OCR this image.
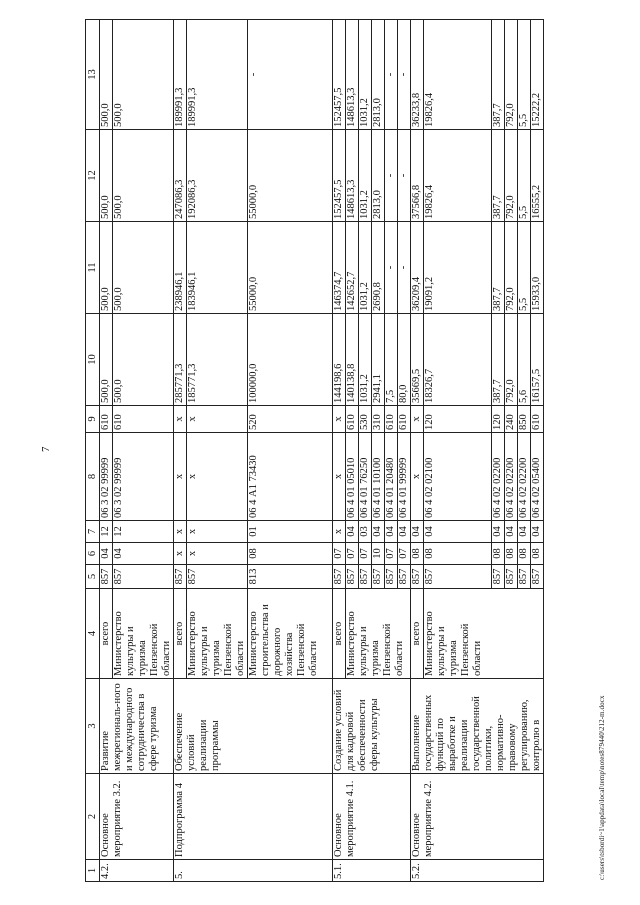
7
1	2	3	4	5	6	7	8	9	10	11	12	13
4.2.	Основное мероприятие 3.2.	Развитие межрегиональ-ного и международного сотрудничества в сфере туризма	всего	857	04	12	06 3 02 99999	610	500,0	500,0	500,0	500,0
			Министерство культуры и туризма Пензенской области	857	04	12	06 3 02 99999	610	500,0	500,0	500,0	500,0
5.	Подпрограмма 4	Обеспечение условий реализации программы	всего	857	х	х	х	х	285771,3	238946,1	247086,3	189991,3
			Министерство культуры и туризма Пензенской области	857	х	х	х	х	185771,3	183946,1	192086,3	189991,3
			Министерство строительства и дорожного хозяйства Пензенской области	813	08	01	06 4 А1 73430	520	100000,0	55000,0	55000,0	-
5.1.	Основное мероприятие 4.1.	Создание условий для кадровой обеспеченности сферы культуры	всего	857	07	х	х	х	144198,6	146374,7	152457,5	152457,5
			Министерство культуры и туризма Пензенской области	857	07	04	06 4 01 05010	610	140138,8	142652,7	148613,3	148613,3
				857	07	03	06 4 01 76250	530	1031,2	1031,2	1031,2	1031,2
				857	10	04	06 4 01 10100	310	2941,1	2690,8	2813,0	2813,0
				857	07	04	06 4 01 20480	610	7,5	-	-	-
				857	07	04	06 4 01 99999	610	80,0	-	-	-
5.2.	Основное мероприятие 4.2.	Выполнение государственных функций по выработке и реализации государственной политики, нормативно-правовому регулированию, контролю в	всего	857	08	04	х	х	35669,5	36209,4	37566,8	36233,8
			Министерство культуры и туризма Пензенской области	857	08	04	06 4 02 02100	120	18326,7	19091,2	19826,4	19826,4
				857	08	04	06 4 02 02200	120	387,7	387,7	387,7	387,7
				857	08	04	06 4 02 02200	240	792,0	792,0	792,0	792,0
				857	08	04	06 4 02 02200	850	5,6	5,5	5,5	5,5
				857	08	04	06 4 02 05400	610	16157,5	15933,0	16555,2	15222,2
c:\users\tsbordi~1\appdata\local\temp\notes879440\212-m.docx
